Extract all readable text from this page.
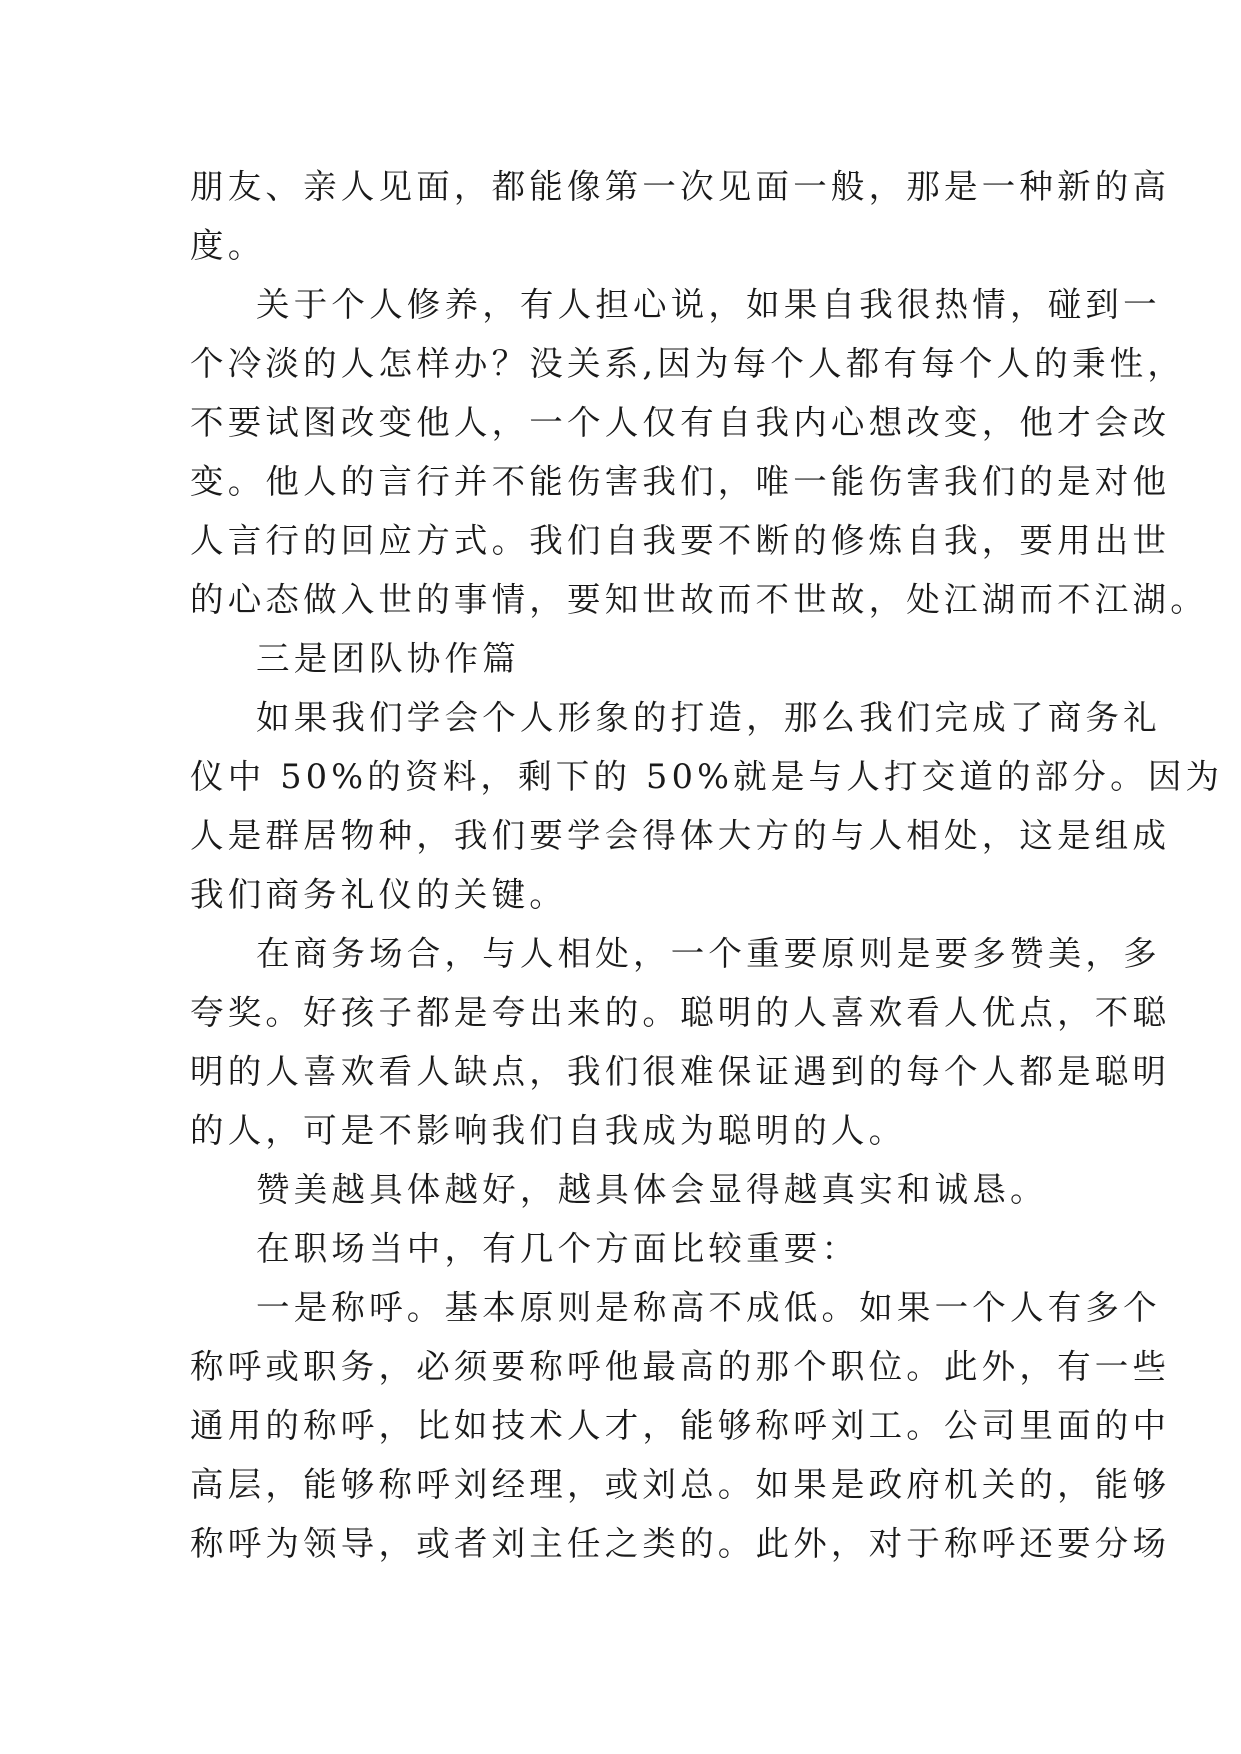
朋友、亲人见面，都能像第一次见面一般，那是一种新的高
度。
关于个人修养，有人担心说，如果自我很热情，碰到一
个冷淡的人怎样办？没关系,因为每个人都有每个人的秉性，
不要试图改变他人，一个人仅有自我内心想改变，他才会改
变。他人的言行并不能伤害我们，唯一能伤害我们的是对他
人言行的回应方式。我们自我要不断的修炼自我，要用出世
的心态做入世的事情，要知世故而不世故，处江湖而不江湖。
三是团队协作篇
如果我们学会个人形象的打造，那么我们完成了商务礼
仪中 50%的资料，剩下的 50%就是与人打交道的部分。因为
人是群居物种，我们要学会得体大方的与人相处，这是组成
我们商务礼仪的关键。
在商务场合，与人相处，一个重要原则是要多赞美，多
夸奖。好孩子都是夸出来的。聪明的人喜欢看人优点，不聪
明的人喜欢看人缺点，我们很难保证遇到的每个人都是聪明
的人，可是不影响我们自我成为聪明的人。
赞美越具体越好，越具体会显得越真实和诚恳。
在职场当中，有几个方面比较重要：
一是称呼。基本原则是称高不成低。如果一个人有多个
称呼或职务，必须要称呼他最高的那个职位。此外，有一些
通用的称呼，比如技术人才，能够称呼刘工。公司里面的中
高层，能够称呼刘经理，或刘总。如果是政府机关的，能够
称呼为领导，或者刘主任之类的。此外，对于称呼还要分场
